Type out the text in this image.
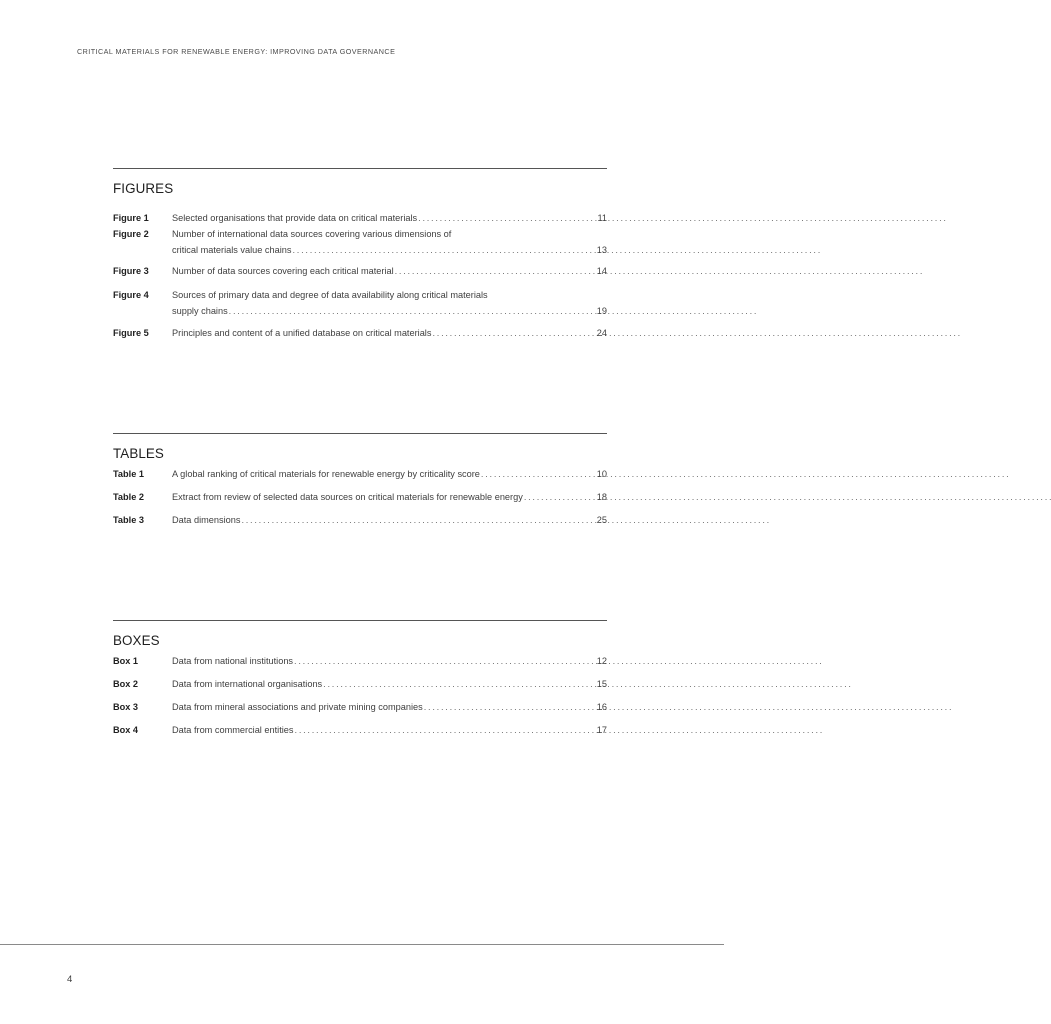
CRITICAL MATERIALS FOR RENEWABLE ENERGY: IMPROVING DATA GOVERNANCE
FIGURES
Figure 1	Selected organisations that provide data on critical materials . . .	11
Figure 2	Number of international data sources covering various dimensions of
critical materials value chains . . .	13
Figure 3	Number of data sources covering each critical material . . .	14
Figure 4	Sources of primary data and degree of data availability along critical materials
supply chains . . .	19
Figure 5	Principles and content of a unified database on critical materials . . .	24
TABLES
Table 1	A global ranking of critical materials for renewable energy by criticality score . . .	10
Table 2	Extract from review of selected data sources on critical materials for renewable energy . . .	18
Table 3	Data dimensions . . .	25
BOXES
Box 1	Data from national institutions . . .	12
Box 2	Data from international organisations . . .	15
Box 3	Data from mineral associations and private mining companies . . .	16
Box 4	Data from commercial entities . . .	17
4
